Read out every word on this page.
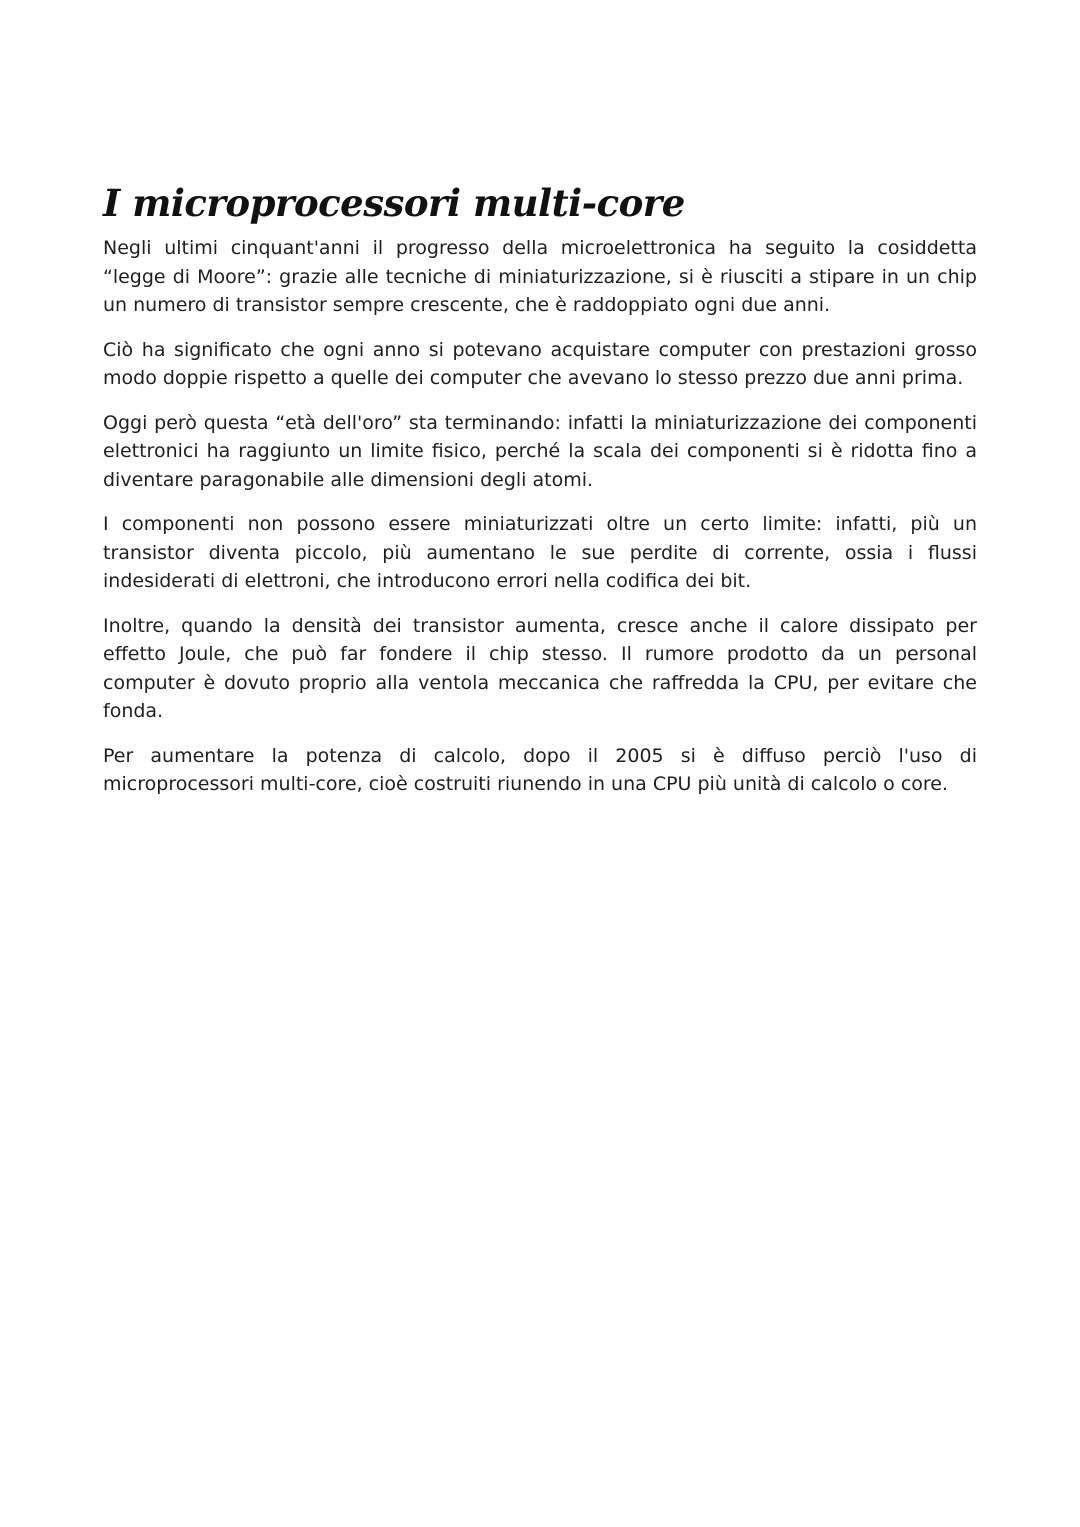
I microprocessori multi-core

Negli ultimi cinquant'anni il progresso della microelettronica ha seguito la cosiddetta “legge di Moore”: grazie alle tecniche di miniaturizzazione, si è riusciti a stipare in un chip un numero di transistor sempre crescente, che è raddoppiato ogni due anni.

Ciò ha significato che ogni anno si potevano acquistare computer con prestazioni grosso modo doppie rispetto a quelle dei computer che avevano lo stesso prezzo due anni prima.

Oggi però questa “età dell'oro” sta terminando: infatti la miniaturizzazione dei componenti elettronici ha raggiunto un limite fisico, perché la scala dei componenti si è ridotta fino a diventare paragonabile alle dimensioni degli atomi.

I componenti non possono essere miniaturizzati oltre un certo limite: infatti, più un transistor diventa piccolo, più aumentano le sue perdite di corrente, ossia i flussi indesiderati di elettroni, che introducono errori nella codifica dei bit.

Inoltre, quando la densità dei transistor aumenta, cresce anche il calore dissipato per effetto Joule, che può far fondere il chip stesso. Il rumore prodotto da un personal computer è dovuto proprio alla ventola meccanica che raffredda la CPU, per evitare che fonda.

Per aumentare la potenza di calcolo, dopo il 2005 si è diffuso perciò l'uso di microprocessori multi-core, cioè costruiti riunendo in una CPU più unità di calcolo o core.
